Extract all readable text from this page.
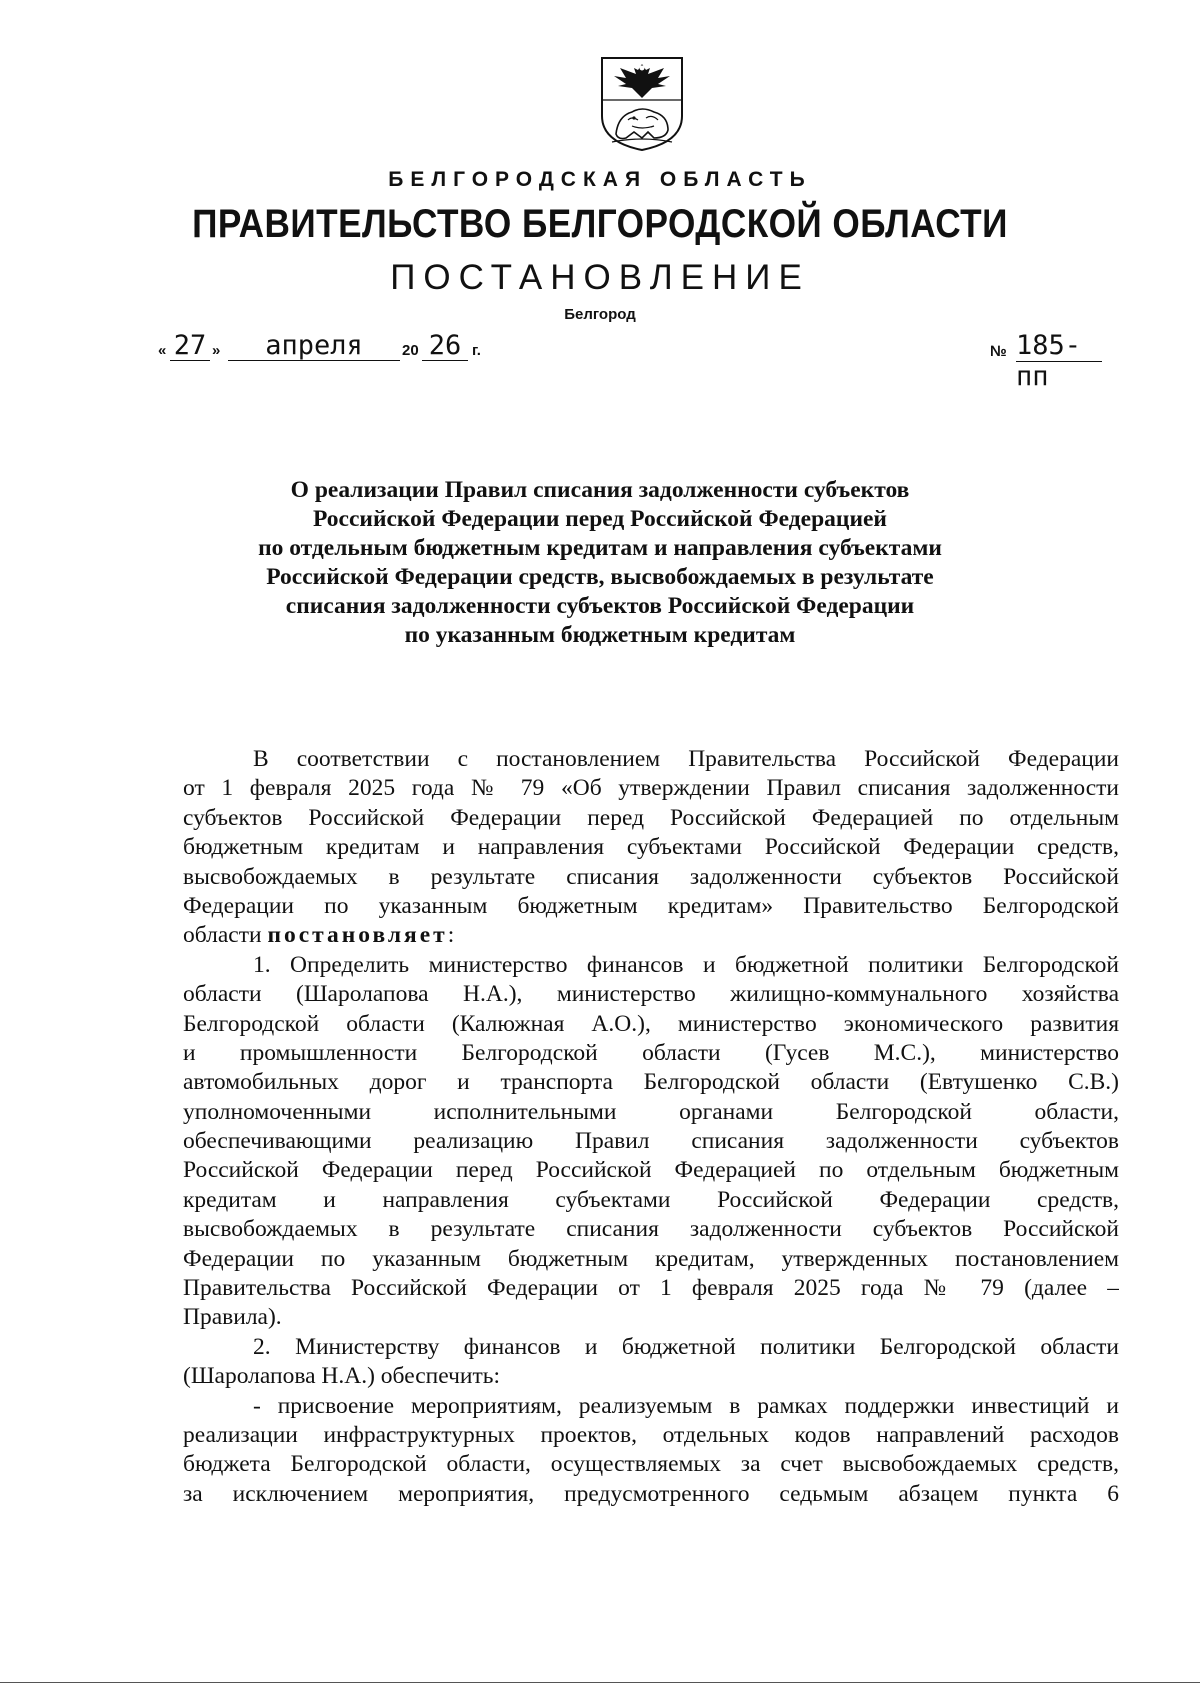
БЕЛГОРОДСКАЯ ОБЛАСТЬ
ПРАВИТЕЛЬСТВО БЕЛГОРОДСКОЙ ОБЛАСТИ
ПОСТАНОВЛЕНИЕ
Белгород
« 27 »	апреля	20 26 г.	№ 185-пп
О реализации Правил списания задолженности субъектов
Российской Федерации перед Российской Федерацией
по отдельным бюджетным кредитам и направления субъектами
Российской Федерации средств, высвобождаемых в результате
списания задолженности субъектов Российской Федерации
по указанным бюджетным кредитам
В соответствии с постановлением Правительства Российской Федерации
от 1 февраля 2025 года № 79 «Об утверждении Правил списания задолженности
субъектов Российской Федерации перед Российской Федерацией по отдельным
бюджетным кредитам и направления субъектами Российской Федерации средств,
высвобождаемых в результате списания задолженности субъектов Российской
Федерации по указанным бюджетным кредитам» Правительство Белгородской
области постановляет:
1. Определить министерство финансов и бюджетной политики Белгородской
области (Шаролапова Н.А.), министерство жилищно-коммунального хозяйства
Белгородской области (Калюжная А.О.), министерство экономического развития
и промышленности Белгородской области (Гусев М.С.), министерство
автомобильных дорог и транспорта Белгородской области (Евтушенко С.В.)
уполномоченными исполнительными органами Белгородской области,
обеспечивающими реализацию Правил списания задолженности субъектов
Российской Федерации перед Российской Федерацией по отдельным бюджетным
кредитам и направления субъектами Российской Федерации средств,
высвобождаемых в результате списания задолженности субъектов Российской
Федерации по указанным бюджетным кредитам, утвержденных постановлением
Правительства Российской Федерации от 1 февраля 2025 года № 79 (далее –
Правила).
2. Министерству финансов и бюджетной политики Белгородской области
(Шаролапова Н.А.) обеспечить:
- присвоение мероприятиям, реализуемым в рамках поддержки инвестиций и
реализации инфраструктурных проектов, отдельных кодов направлений расходов
бюджета Белгородской области, осуществляемых за счет высвобождаемых средств,
за исключением мероприятия, предусмотренного седьмым абзацем пункта 6
